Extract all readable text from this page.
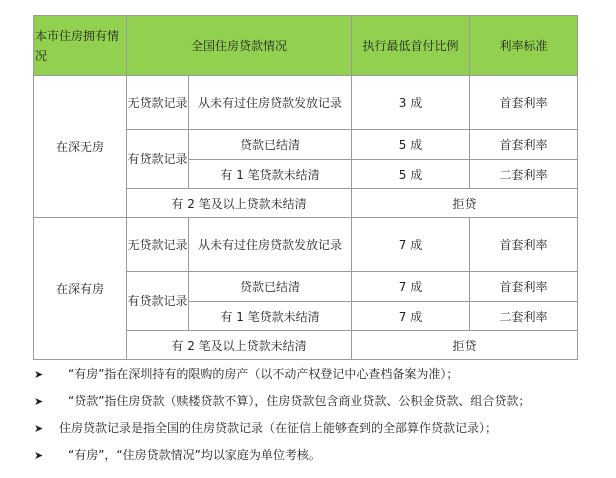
本市住房拥有情况	全国住房贷款情况		执行最低首付比例	利率标准
在深无房	无贷款记录	从未有过住房贷款发放记录	3 成	首套利率
	有贷款记录	贷款已结清	5 成	首套利率
		有 1 笔贷款未结清	5 成	二套利率
	有 2 笔及以上贷款未结清		拒贷	
在深有房	无贷款记录	从未有过住房贷款发放记录	7 成	首套利率
	有贷款记录	贷款已结清	7 成	首套利率
		有 1 笔贷款未结清	7 成	二套利率
	有 2 笔及以上贷款未结清		拒贷	
➤ “有房”指在深圳持有的限购的房产（以不动产权登记中心查档备案为准）；
➤ “贷款”指住房贷款（赎楼贷款不算），住房贷款包含商业贷款、公积金贷款、组合贷款；
➤ 住房贷款记录是指全国的住房贷款记录（在征信上能够查到的全部算作贷款记录）；
➤ “有房”，“住房贷款情况”均以家庭为单位考核。
